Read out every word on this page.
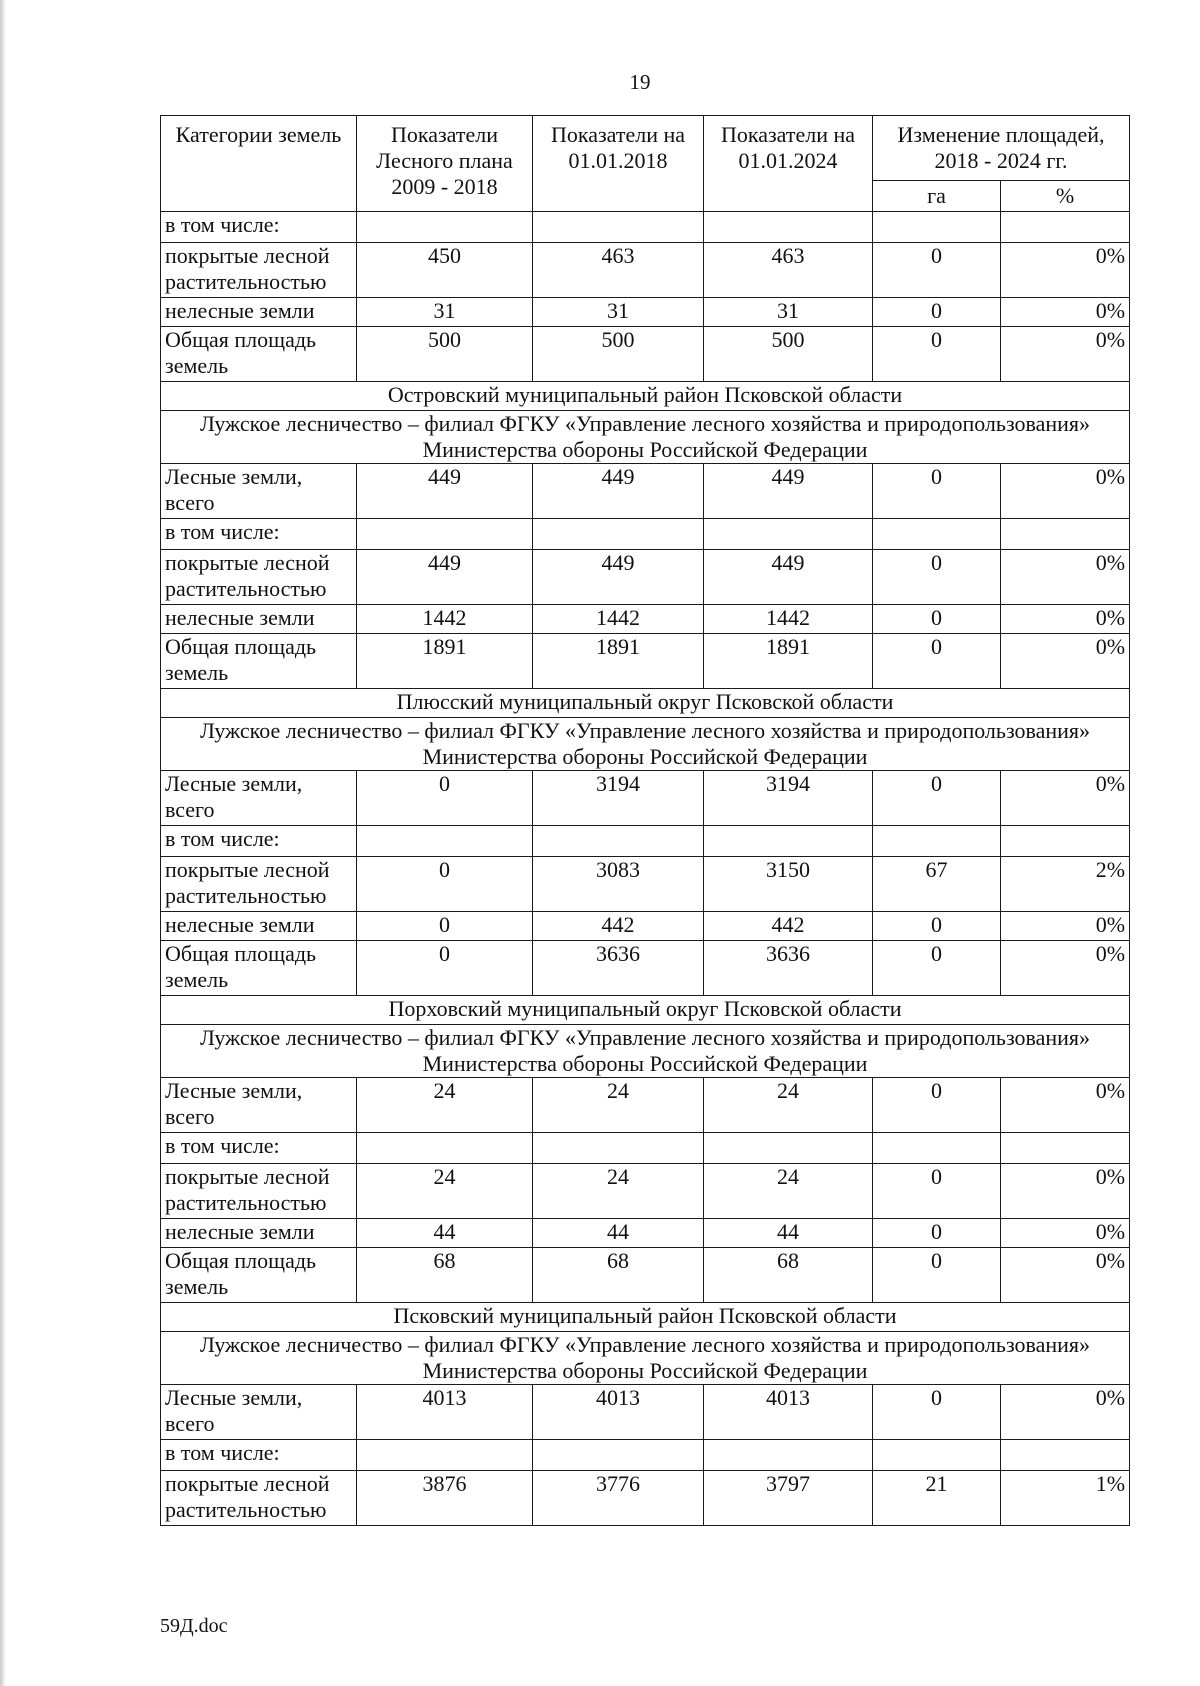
19
Категории земель	Показатели Лесного плана 2009 - 2018	Показатели на 01.01.2018	Показатели на 01.01.2024	Изменение площадей, 2018 - 2024 гг.	
				га	%
в том числе:					
покрытые лесной растительностью	450	463	463	0	0%
нелесные земли	31	31	31	0	0%
Общая площадь земель	500	500	500	0	0%
Островский муниципальный район Псковской области					
Лужское лесничество – филиал ФГКУ «Управление лесного хозяйства и природопользования» Министерства обороны Российской Федерации					
Лесные земли, всего	449	449	449	0	0%
в том числе:					
покрытые лесной растительностью	449	449	449	0	0%
нелесные земли	1442	1442	1442	0	0%
Общая площадь земель	1891	1891	1891	0	0%
Плюсский муниципальный округ Псковской области					
Лужское лесничество – филиал ФГКУ «Управление лесного хозяйства и природопользования» Министерства обороны Российской Федерации					
Лесные земли, всего	0	3194	3194	0	0%
в том числе:					
покрытые лесной растительностью	0	3083	3150	67	2%
нелесные земли	0	442	442	0	0%
Общая площадь земель	0	3636	3636	0	0%
Порховский муниципальный округ Псковской области					
Лужское лесничество – филиал ФГКУ «Управление лесного хозяйства и природопользования» Министерства обороны Российской Федерации					
Лесные земли, всего	24	24	24	0	0%
в том числе:					
покрытые лесной растительностью	24	24	24	0	0%
нелесные земли	44	44	44	0	0%
Общая площадь земель	68	68	68	0	0%
Псковский муниципальный район Псковской области					
Лужское лесничество – филиал ФГКУ «Управление лесного хозяйства и природопользования» Министерства обороны Российской Федерации					
Лесные земли, всего	4013	4013	4013	0	0%
в том числе:					
покрытые лесной растительностью	3876	3776	3797	21	1%
59Д.doc
